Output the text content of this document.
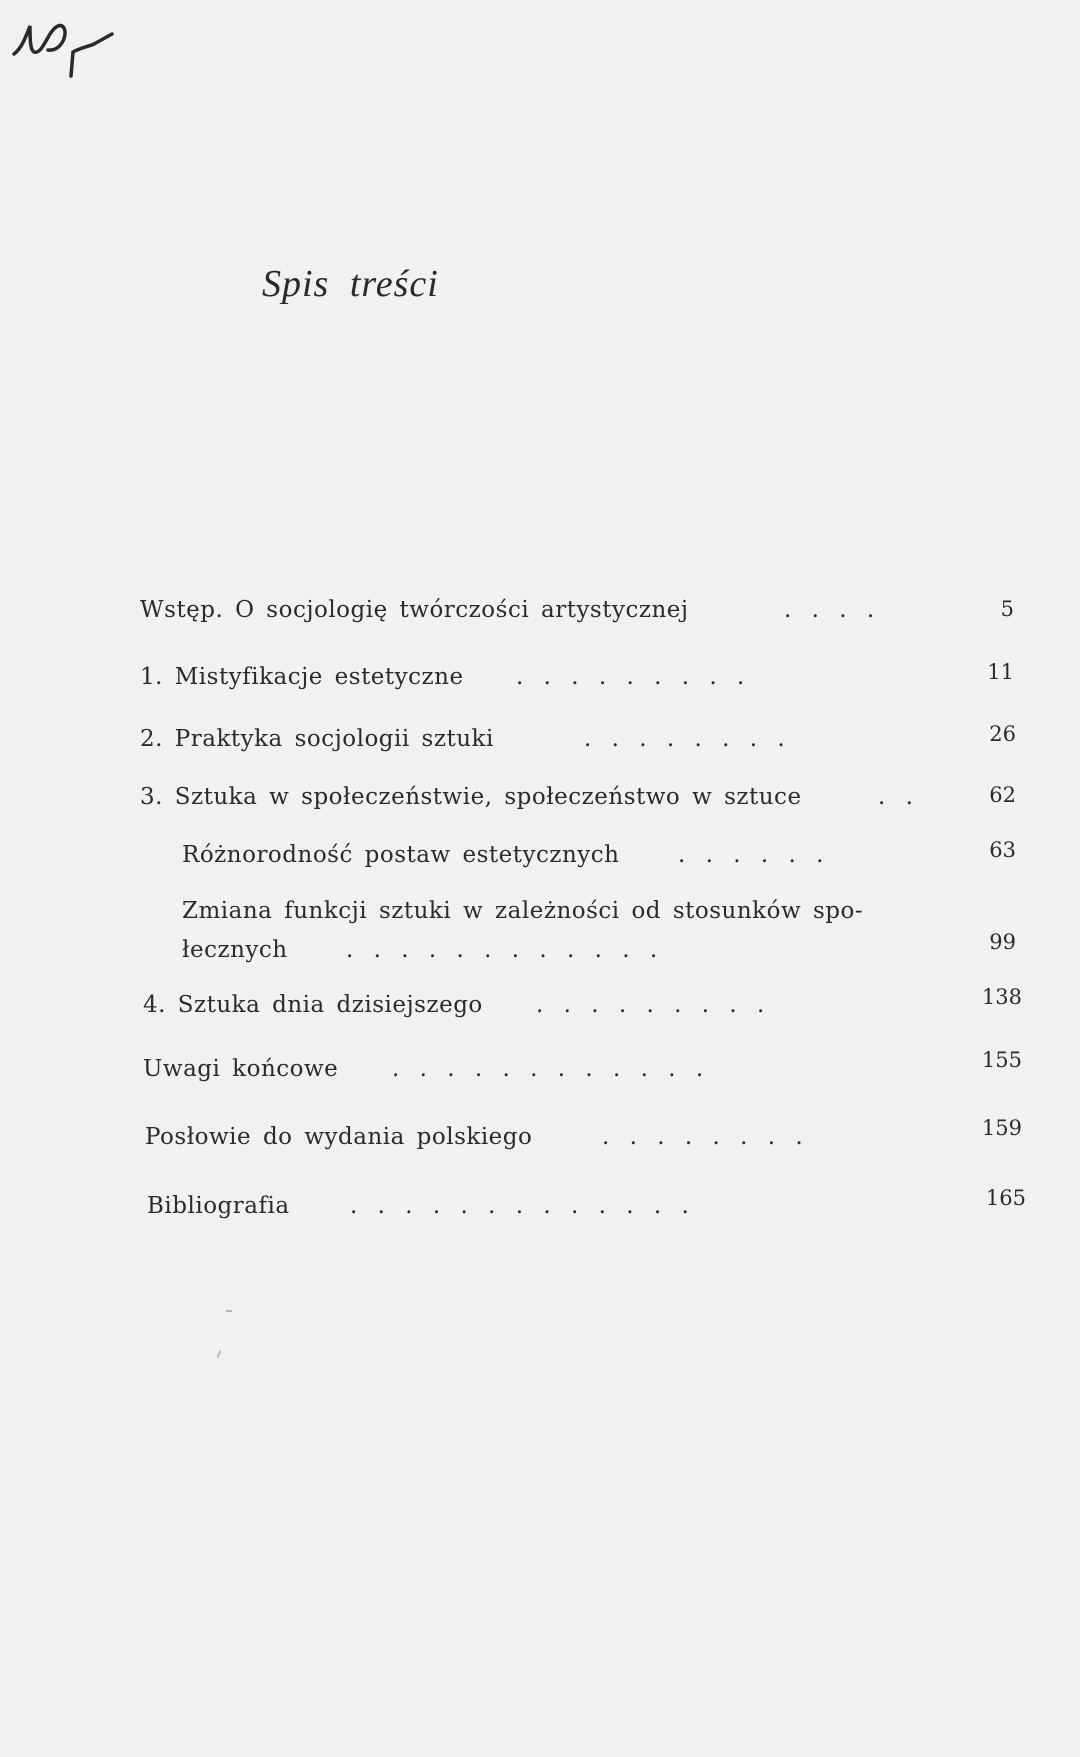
Spis treści
Wstęp. O socjologię twórczości artystycznej	. . . .	5
1. Mistyfikacje estetyczne . . . . . . . . .	11
2. Praktyka socjologii sztuki	. . . . . . . .	26
3. Sztuka w społeczeństwie, społeczeństwo w sztuce	. .	62
Różnorodność postaw estetycznych	. . . . . .	63
Zmiana funkcji sztuki w zależności od stosunków spo-
łecznych	. . . . . . . . . . . .	99
4. Sztuka dnia dzisiejszego . . . . . . . . .	138
Uwagi końcowe . . . . . . . . . . . .	155
Posłowie do wydania polskiego	. . . . . . . .	159
Bibliografia	. . . . . . . . . . . . .	165
